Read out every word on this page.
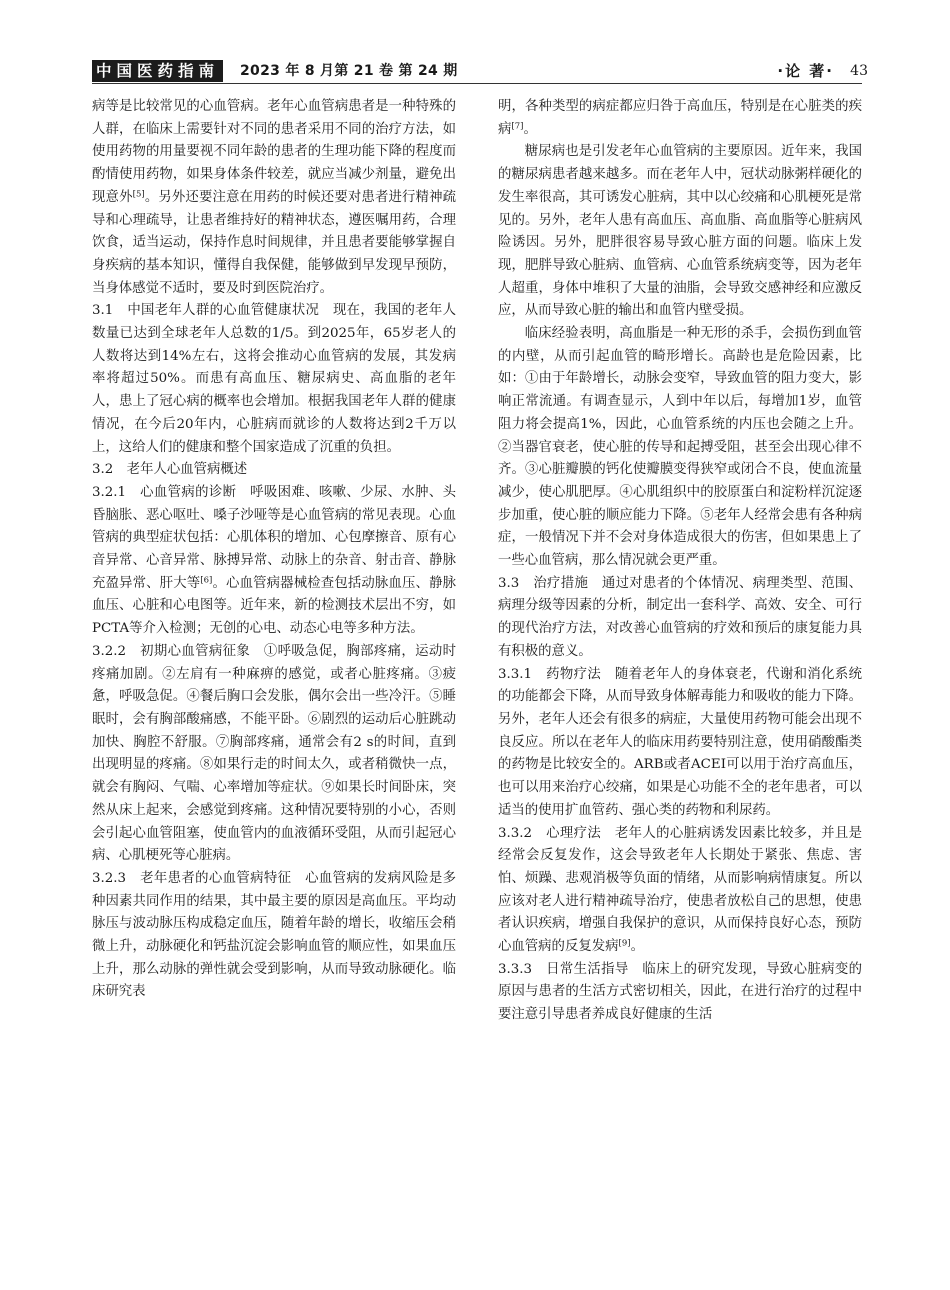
中国医药指南 2023 年 8 月第 21 卷 第 24 期	·论 著· 43

病等是比较常见的心血管病。老年心血管病患者是一种特殊的人群，在临床上需要针对不同的患者采用不同的治疗方法，如使用药物的用量要视不同年龄的患者的生理功能下降的程度而酌情使用药物，如果身体条件较差，就应当减少剂量，避免出现意外[5]。另外还要注意在用药的时候还要对患者进行精神疏导和心理疏导，让患者维持好的精神状态，遵医嘱用药，合理饮食，适当运动，保持作息时间规律，并且患者要能够掌握自身疾病的基本知识，懂得自我保健，能够做到早发现早预防，当身体感觉不适时，要及时到医院治疗。

3.1　中国老年人群的心血管健康状况　现在，我国的老年人数量已达到全球老年人总数的1/5。到2025年，65岁老人的人数将达到14%左右，这将会推动心血管病的发展，其发病率将超过50%。而患有高血压、糖尿病史、高血脂的老年人，患上了冠心病的概率也会增加。根据我国老年人群的健康情况，在今后20年内，心脏病而就诊的人数将达到2千万以上，这给人们的健康和整个国家造成了沉重的负担。

3.2　老年人心血管病概述

3.2.1　心血管病的诊断　呼吸困难、咳嗽、少尿、水肿、头昏脑胀、恶心呕吐、嗓子沙哑等是心血管病的常见表现。心血管病的典型症状包括：心肌体积的增加、心包摩擦音、原有心音异常、心音异常、脉搏异常、动脉上的杂音、射击音、静脉充盈异常、肝大等[6]。心血管病器械检查包括动脉血压、静脉血压、心脏和心电图等。近年来，新的检测技术层出不穷，如PCTA等介入检测；无创的心电、动态心电等多种方法。

3.2.2　初期心血管病征象　①呼吸急促，胸部疼痛，运动时疼痛加剧。②左肩有一种麻痹的感觉，或者心脏疼痛。③疲惫，呼吸急促。④餐后胸口会发胀，偶尔会出一些冷汗。⑤睡眠时，会有胸部酸痛感，不能平卧。⑥剧烈的运动后心脏跳动加快、胸腔不舒服。⑦胸部疼痛，通常会有2 s的时间，直到出现明显的疼痛。⑧如果行走的时间太久，或者稍微快一点，就会有胸闷、气喘、心率增加等症状。⑨如果长时间卧床，突然从床上起来，会感觉到疼痛。这种情况要特别的小心，否则会引起心血管阻塞，使血管内的血液循环受阻，从而引起冠心病、心肌梗死等心脏病。

3.2.3　老年患者的心血管病特征　心血管病的发病风险是多种因素共同作用的结果，其中最主要的原因是高血压。平均动脉压与波动脉压构成稳定血压，随着年龄的增长，收缩压会稍微上升，动脉硬化和钙盐沉淀会影响血管的顺应性，如果血压上升，那么动脉的弹性就会受到影响，从而导致动脉硬化。临床研究表

明，各种类型的病症都应归咎于高血压，特别是在心脏类的疾病[7]。

糖尿病也是引发老年心血管病的主要原因。近年来，我国的糖尿病患者越来越多。而在老年人中，冠状动脉粥样硬化的发生率很高，其可诱发心脏病，其中以心绞痛和心肌梗死是常见的。另外，老年人患有高血压、高血脂、高血脂等心脏病风险诱因。另外，肥胖很容易导致心脏方面的问题。临床上发现，肥胖导致心脏病、血管病、心血管系统病变等，因为老年人超重，身体中堆积了大量的油脂，会导致交感神经和应激反应，从而导致心脏的输出和血管内壁受损。

临床经验表明，高血脂是一种无形的杀手，会损伤到血管的内壁，从而引起血管的畸形增长。高龄也是危险因素，比如：①由于年龄增长，动脉会变窄，导致血管的阻力变大，影响正常流通。有调查显示，人到中年以后，每增加1岁，血管阻力将会提高1%，因此，心血管系统的内压也会随之上升。②当器官衰老，使心脏的传导和起搏受阻，甚至会出现心律不齐。③心脏瓣膜的钙化使瓣膜变得狭窄或闭合不良，使血流量减少，使心肌肥厚。④心肌组织中的胶原蛋白和淀粉样沉淀逐步加重，使心脏的顺应能力下降。⑤老年人经常会患有各种病症，一般情况下并不会对身体造成很大的伤害，但如果患上了一些心血管病，那么情况就会更严重。

3.3　治疗措施　通过对患者的个体情况、病理类型、范围、病理分级等因素的分析，制定出一套科学、高效、安全、可行的现代治疗方法，对改善心血管病的疗效和预后的康复能力具有积极的意义。

3.3.1　药物疗法　随着老年人的身体衰老，代谢和消化系统的功能都会下降，从而导致身体解毒能力和吸收的能力下降。另外，老年人还会有很多的病症，大量使用药物可能会出现不良反应。所以在老年人的临床用药要特别注意，使用硝酸酯类的药物是比较安全的。ARB或者ACEI可以用于治疗高血压，也可以用来治疗心绞痛，如果是心功能不全的老年患者，可以适当的使用扩血管药、强心类的药物和利尿药。

3.3.2　心理疗法　老年人的心脏病诱发因素比较多，并且是经常会反复发作，这会导致老年人长期处于紧张、焦虑、害怕、烦躁、悲观消极等负面的情绪，从而影响病情康复。所以应该对老人进行精神疏导治疗，使患者放松自己的思想，使患者认识疾病，增强自我保护的意识，从而保持良好心态，预防心血管病的反复发病[9]。

3.3.3　日常生活指导　临床上的研究发现，导致心脏病变的原因与患者的生活方式密切相关，因此，在进行治疗的过程中要注意引导患者养成良好健康的生活
